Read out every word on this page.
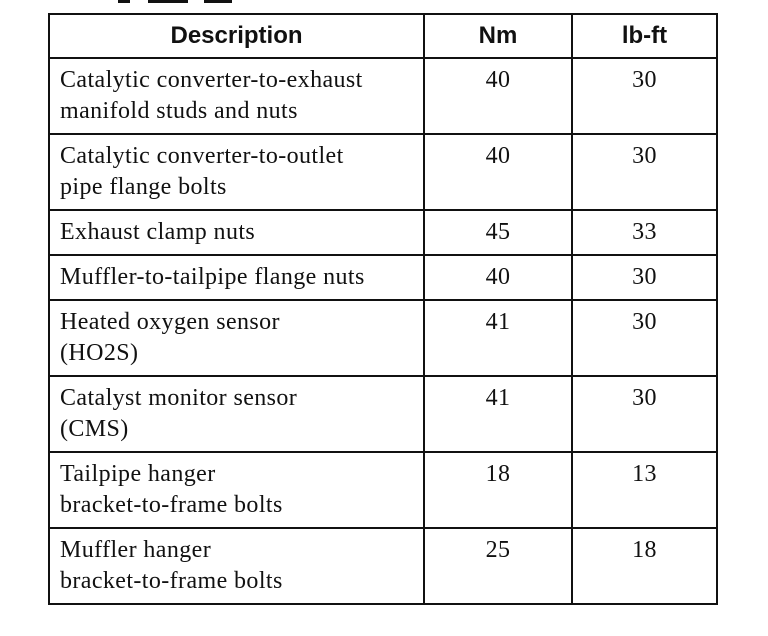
Description	Nm	lb-ft

Catalytic converter-to-exhaust
manifold studs and nuts	40	30

Catalytic converter-to-outlet
pipe flange bolts	40	30

Exhaust clamp nuts	45	33

Muffler-to-tailpipe flange nuts	40	30

Heated oxygen sensor
(HO2S)	41	30

Catalyst monitor sensor
(CMS)	41	30

Tailpipe hanger
bracket-to-frame bolts	18	13

Muffler hanger
bracket-to-frame bolts	25	18
